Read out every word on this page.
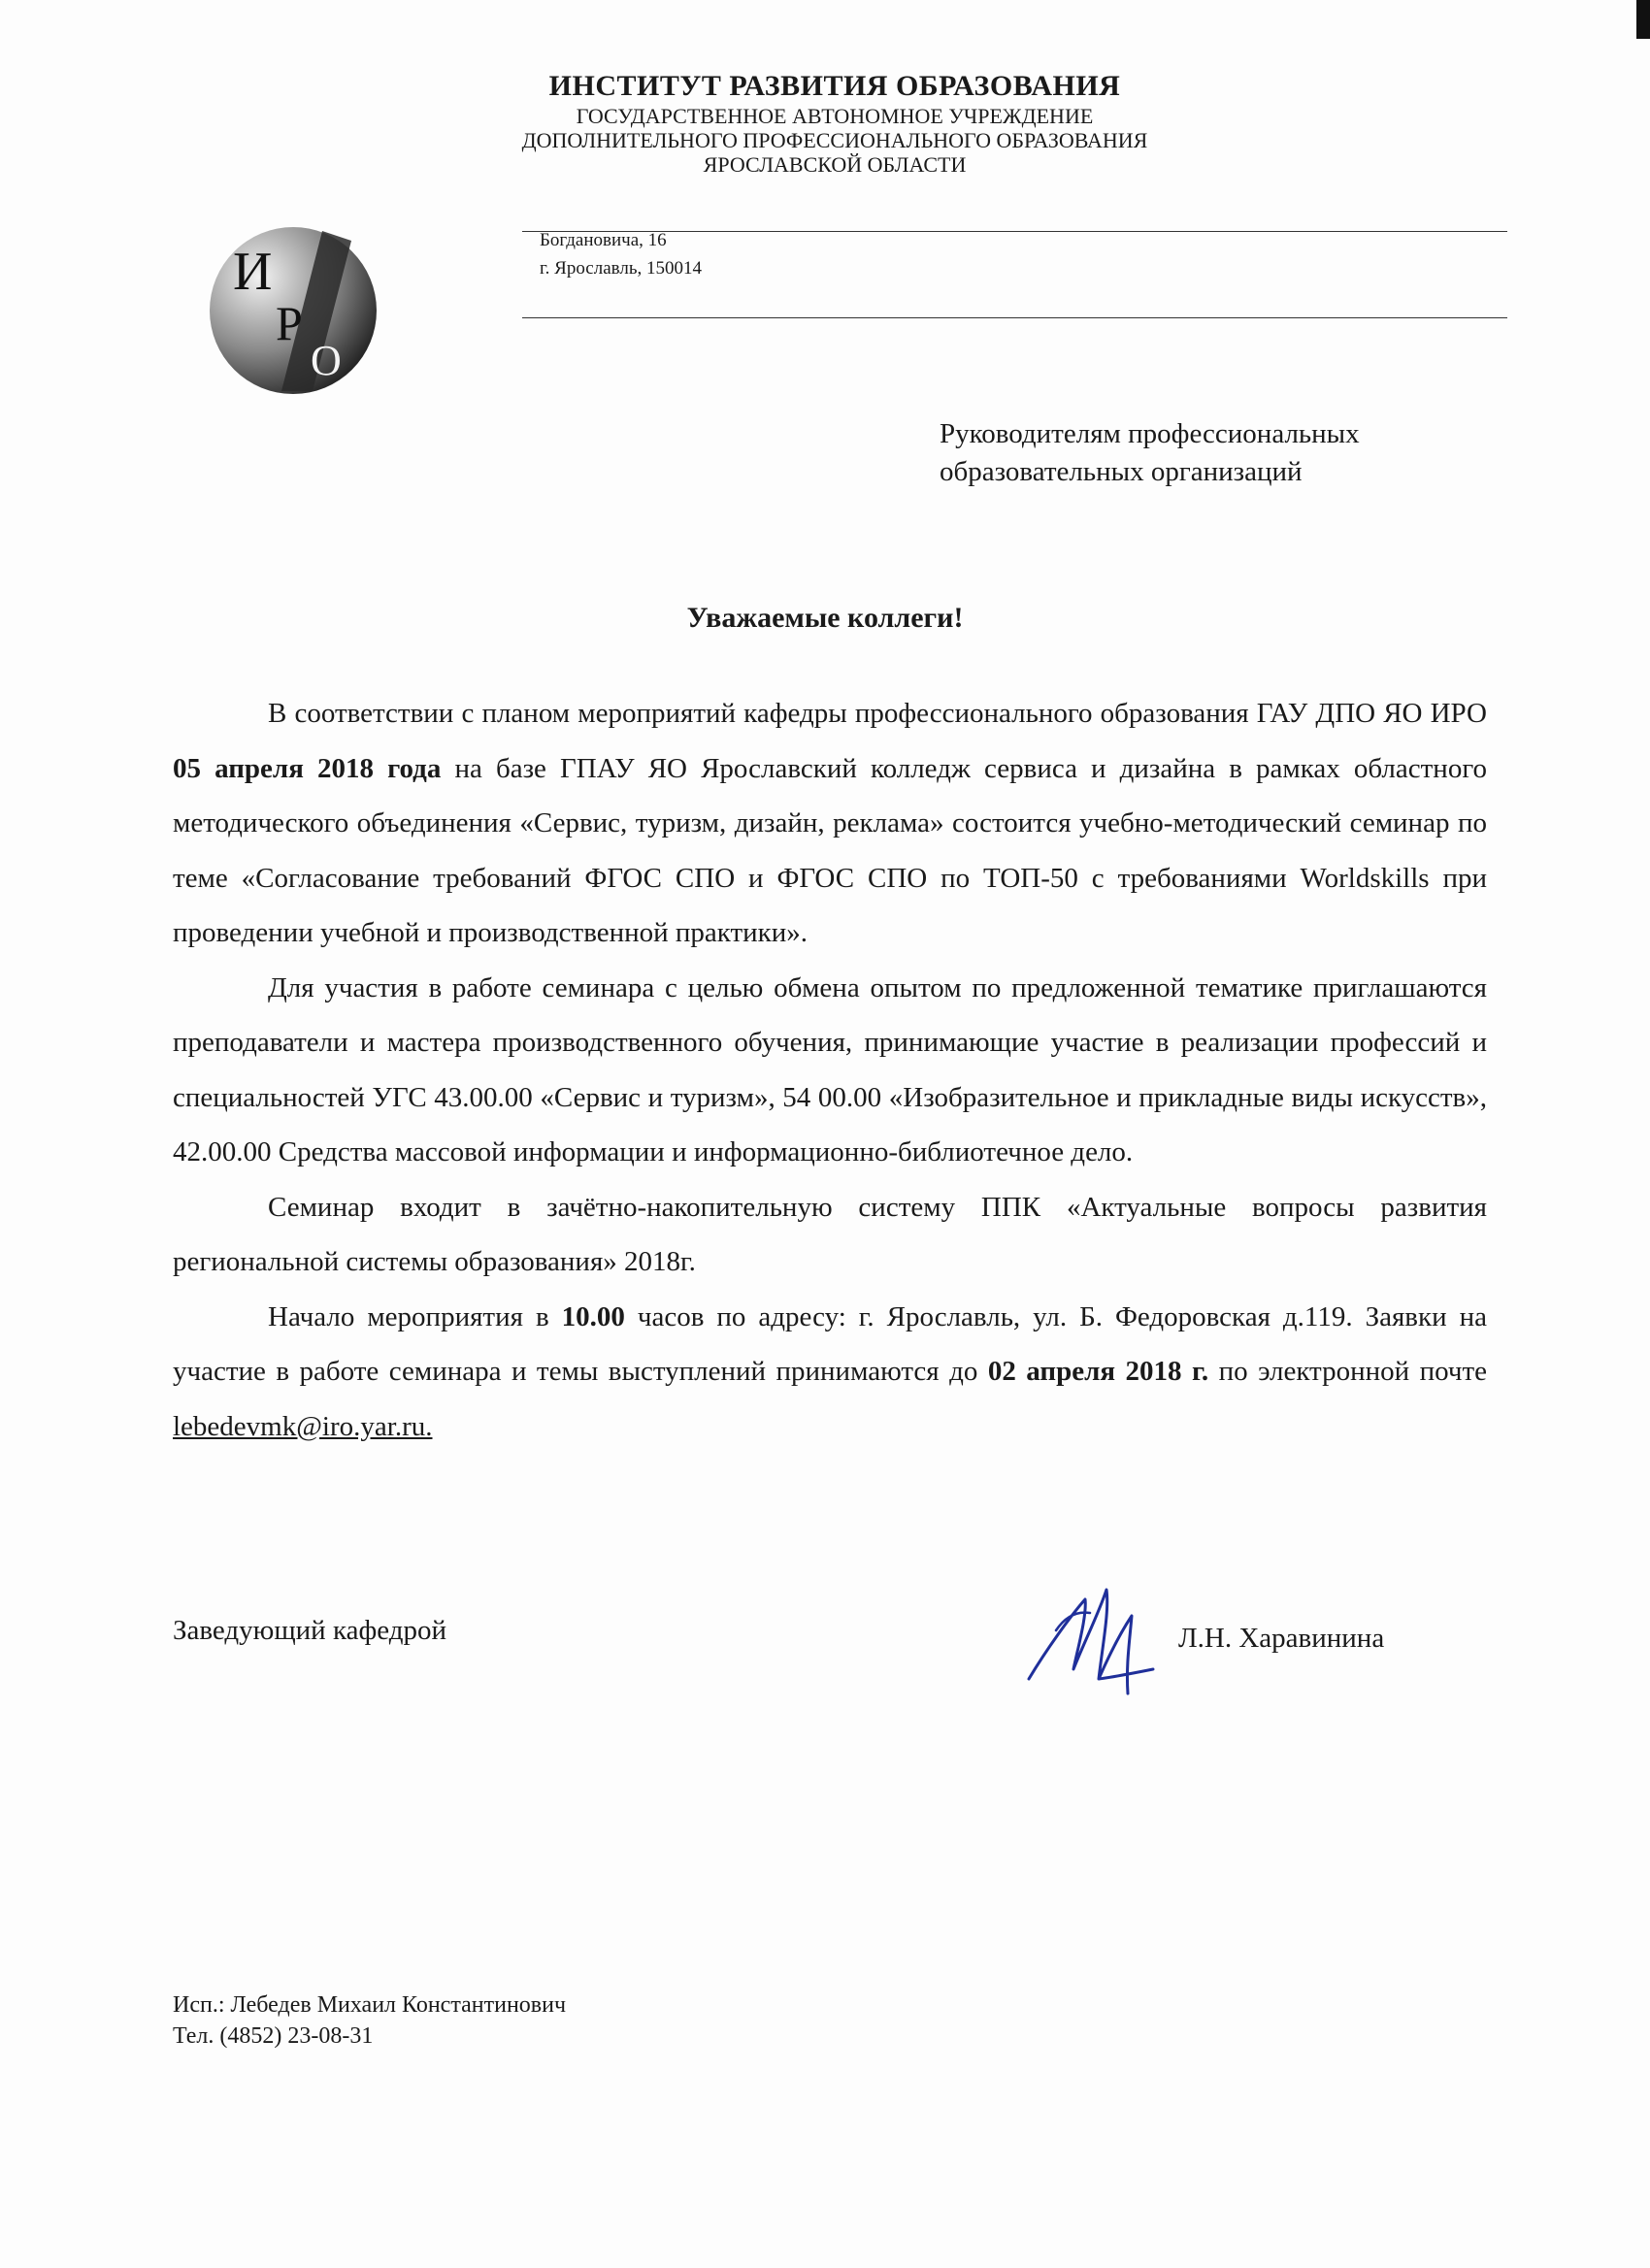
ИНСТИТУТ РАЗВИТИЯ ОБРАЗОВАНИЯ
ГОСУДАРСТВЕННОЕ АВТОНОМНОЕ УЧРЕЖДЕНИЕ
ДОПОЛНИТЕЛЬНОГО ПРОФЕССИОНАЛЬНОГО ОБРАЗОВАНИЯ
ЯРОСЛАВСКОЙ ОБЛАСТИ
И
Р
О
Богдановича, 16
г. Ярославль, 150014
Руководителям профессиональных
образовательных организаций
Уважаемые коллеги!

В соответствии с планом мероприятий кафедры профессионального образования ГАУ ДПО ЯО ИРО 05 апреля 2018 года на базе ГПАУ ЯО Ярославский колледж сервиса и дизайна в рамках областного методического объединения «Сервис, туризм, дизайн, реклама» состоится учебно-методический семинар по теме «Согласование требований ФГОС СПО и ФГОС СПО по ТОП-50 с требованиями Worldskills при проведении учебной и производственной практики».

Для участия в работе семинара с целью обмена опытом по предложенной тематике приглашаются преподаватели и мастера производственного обучения, принимающие участие в реализации профессий и специальностей УГС 43.00.00 «Сервис и туризм», 54 00.00 «Изобразительное и прикладные виды искусств», 42.00.00 Средства массовой информации и информационно-библиотечное дело.

Семинар входит в зачётно-накопительную систему ППК «Актуальные вопросы развития региональной системы образования» 2018г.

Начало мероприятия в 10.00 часов по адресу: г. Ярославль, ул. Б. Федоровская д.119. Заявки на участие в работе семинара и темы выступлений принимаются до 02 апреля 2018 г. по электронной почте lebedevmk@iro.yar.ru.

Заведующий кафедрой	Л.Н. Харавинина
Исп.: Лебедев Михаил Константинович
Тел. (4852) 23-08-31
